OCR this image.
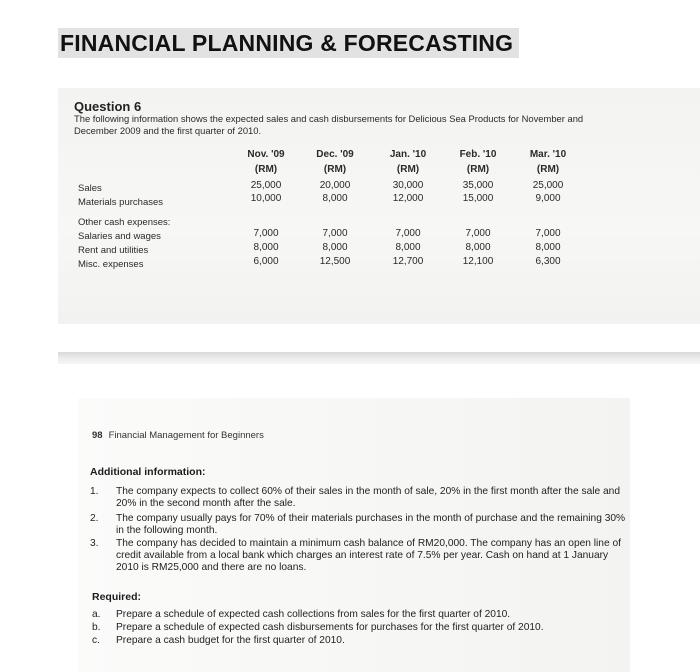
FINANCIAL PLANNING & FORECASTING
Question 6
The following information shows the expected sales and cash disbursements for Delicious Sea Products for November and December 2009 and the first quarter of 2010.
Sales
Materials purchases
Other cash expenses:
Salaries and wages
Rent and utilities
Misc. expenses
Nov. '09
(RM)
25,000
10,000
7,000
8,000
6,000
Dec. '09
(RM)
20,000
8,000
7,000
8,000
12,500
Jan. '10
(RM)
30,000
12,000
7,000
8,000
12,700
Feb. '10
(RM)
35,000
15,000
7,000
8,000
12,100
Mar. '10
(RM)
25,000
9,000
7,000
8,000
6,300
98 Financial Management for Beginners
Additional information:
1. The company expects to collect 60% of their sales in the month of sale, 20% in the first month after the sale and 20% in the second month after the sale.
2. The company usually pays for 70% of their materials purchases in the month of purchase and the remaining 30% in the following month.
3. The company has decided to maintain a minimum cash balance of RM20,000. The company has an open line of credit available from a local bank which charges an interest rate of 7.5% per year. Cash on hand at 1 January 2010 is RM25,000 and there are no loans.
Required:
a. Prepare a schedule of expected cash collections from sales for the first quarter of 2010.
b. Prepare a schedule of expected cash disbursements for purchases for the first quarter of 2010.
c. Prepare a cash budget for the first quarter of 2010.
